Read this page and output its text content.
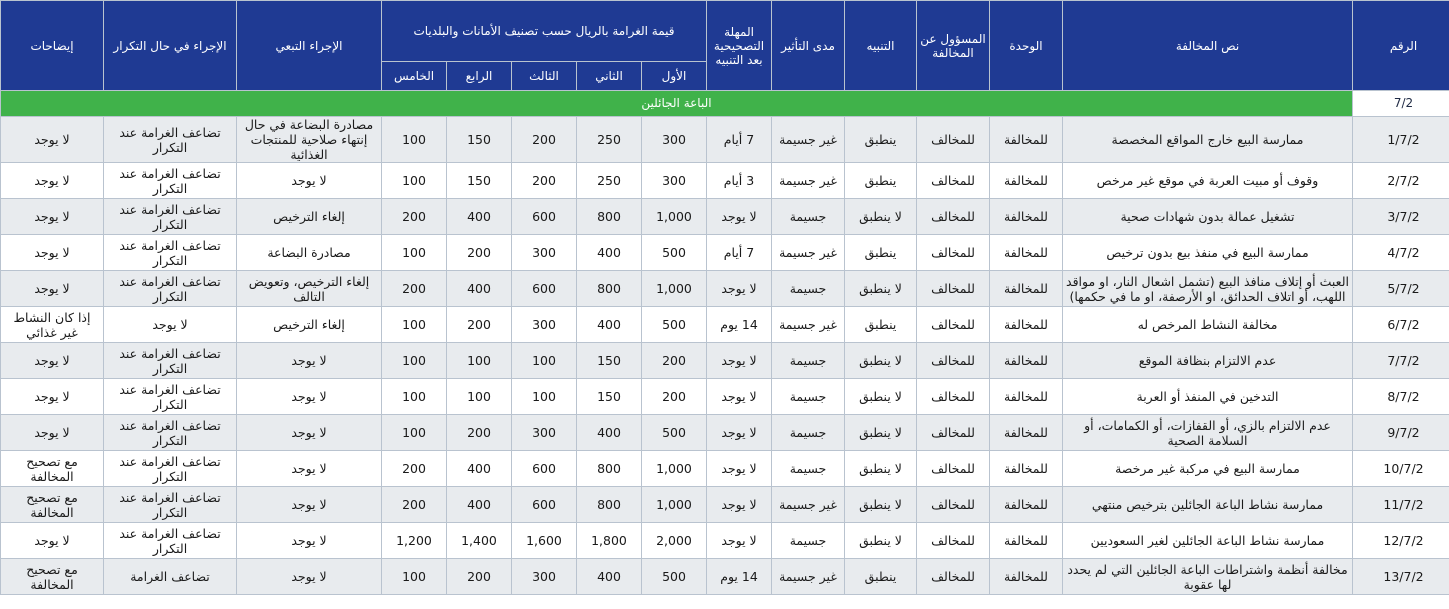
الرقم	نص المخالفة	الوحدة	المسؤول عن المخالفة	التنبيه	مدى التأثير	المهلة التصحيحية بعد التنبيه	قيمة الغرامة بالريال حسب تصنيف الأمانات والبلديات					الإجراء التبعي	الإجراء في حال التكرار	إيضاحات
							الأول	الثاني	الثالث	الرابع	الخامس			
7/2	الباعة الجائلين													
1/7/2	ممارسة البيع خارج المواقع المخصصة	للمخالفة	للمخالف	ينطبق	غير جسيمة	7 أيام	300	250	200	150	100	مصادرة البضاعة في حال إنتهاء صلاحية للمنتجات الغذائية	تضاعف الغرامة عند التكرار	لا يوجد
2/7/2	وقوف أو مبيت العربة في موقع غير مرخص	للمخالفة	للمخالف	ينطبق	غير جسيمة	3 أيام	300	250	200	150	100	لا يوجد	تضاعف الغرامة عند التكرار	لا يوجد
3/7/2	تشغيل عمالة بدون شهادات صحية	للمخالفة	للمخالف	لا ينطبق	جسيمة	لا يوجد	1,000	800	600	400	200	إلغاء الترخيص	تضاعف الغرامة عند التكرار	لا يوجد
4/7/2	ممارسة البيع في منفذ بيع بدون ترخيص	للمخالفة	للمخالف	ينطبق	غير جسيمة	7 أيام	500	400	300	200	100	مصادرة البضاعة	تضاعف الغرامة عند التكرار	لا يوجد
5/7/2	العبث أو إتلاف منافذ البيع (تشمل اشعال النار، او مواقد اللهب، أو اتلاف الحدائق، او الأرصفة، او ما في حكمها)	للمخالفة	للمخالف	لا ينطبق	جسيمة	لا يوجد	1,000	800	600	400	200	إلغاء الترخيص، وتعويض التالف	تضاعف الغرامة عند التكرار	لا يوجد
6/7/2	مخالفة النشاط المرخص له	للمخالفة	للمخالف	ينطبق	غير جسيمة	14 يوم	500	400	300	200	100	إلغاء الترخيص	لا يوجد	إذا كان النشاط غير غذائي
7/7/2	عدم الالتزام بنظافة الموقع	للمخالفة	للمخالف	لا ينطبق	جسيمة	لا يوجد	200	150	100	100	100	لا يوجد	تضاعف الغرامة عند التكرار	لا يوجد
8/7/2	التدخين في المنفذ أو العربة	للمخالفة	للمخالف	لا ينطبق	جسيمة	لا يوجد	200	150	100	100	100	لا يوجد	تضاعف الغرامة عند التكرار	لا يوجد
9/7/2	عدم الالتزام بالزي، أو القفازات، أو الكمامات، أو السلامة الصحية	للمخالفة	للمخالف	لا ينطبق	جسيمة	لا يوجد	500	400	300	200	100	لا يوجد	تضاعف الغرامة عند التكرار	لا يوجد
10/7/2	ممارسة البيع في مركبة غير مرخصة	للمخالفة	للمخالف	لا ينطبق	جسيمة	لا يوجد	1,000	800	600	400	200	لا يوجد	تضاعف الغرامة عند التكرار	مع تصحيح المخالفة
11/7/2	ممارسة نشاط الباعة الجائلين بترخيص منتهي	للمخالفة	للمخالف	لا ينطبق	غير جسيمة	لا يوجد	1,000	800	600	400	200	لا يوجد	تضاعف الغرامة عند التكرار	مع تصحيح المخالفة
12/7/2	ممارسة نشاط الباعة الجائلين لغير السعوديين	للمخالفة	للمخالف	لا ينطبق	جسيمة	لا يوجد	2,000	1,800	1,600	1,400	1,200	لا يوجد	تضاعف الغرامة عند التكرار	لا يوجد
13/7/2	مخالفة أنظمة واشتراطات الباعة الجائلين التي لم يحدد لها عقوبة	للمخالفة	للمخالف	ينطبق	غير جسيمة	14 يوم	500	400	300	200	100	لا يوجد	تضاعف الغرامة	مع تصحيح المخالفة
